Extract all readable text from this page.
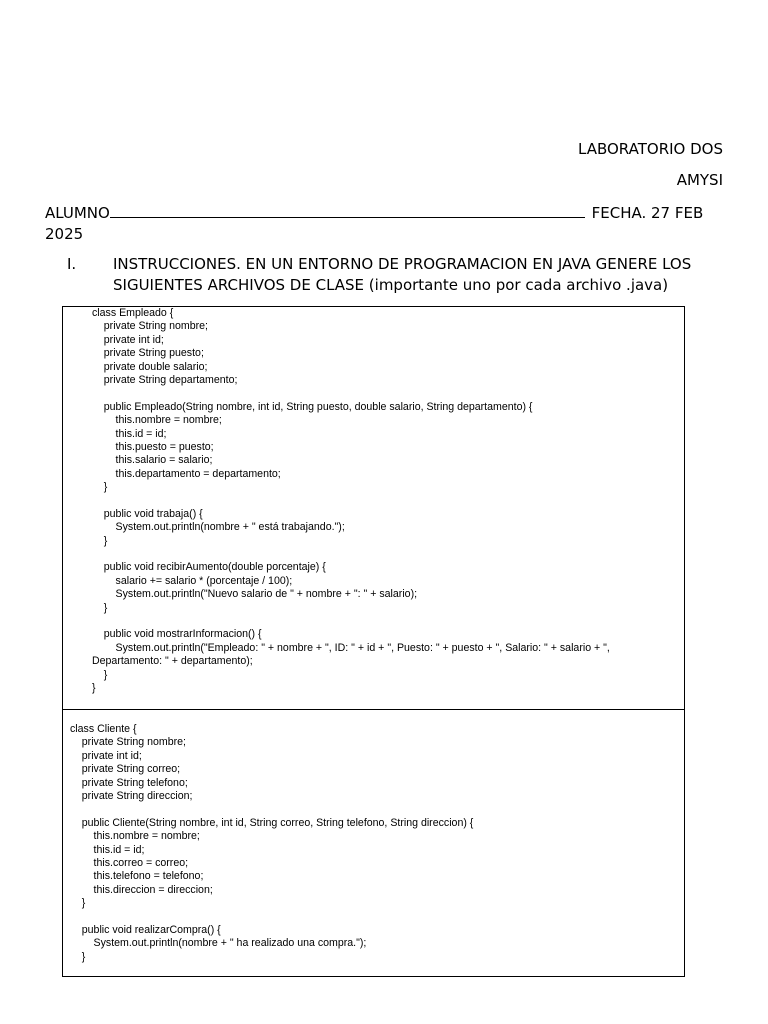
LABORATORIO DOS
AMYSI
ALUMNO	FECHA. 27 FEB 2025
I.	INSTRUCCIONES. EN UN ENTORNO DE PROGRAMACION EN JAVA GENERE LOS SIGUIENTES ARCHIVOS DE CLASE (importante uno por cada archivo .java)
class Empleado {
private String nombre;
private int id;
private String puesto;
private double salario;
private String departamento;
public Empleado(String nombre, int id, String puesto, double salario, String departamento) {
this.nombre = nombre;
this.id = id;
this.puesto = puesto;
this.salario = salario;
this.departamento = departamento;
}
public void trabaja() {
System.out.println(nombre + " está trabajando.");
}
public void recibirAumento(double porcentaje) {
salario += salario * (porcentaje / 100);
System.out.println("Nuevo salario de " + nombre + ": " + salario);
}
public void mostrarInformacion() {
System.out.println("Empleado: " + nombre + ", ID: " + id + ", Puesto: " + puesto + ", Salario: " + salario + ",
Departamento: " + departamento);
}
}
class Cliente {
private String nombre;
private int id;
private String correo;
private String telefono;
private String direccion;
public Cliente(String nombre, int id, String correo, String telefono, String direccion) {
this.nombre = nombre;
this.id = id;
this.correo = correo;
this.telefono = telefono;
this.direccion = direccion;
}
public void realizarCompra() {
System.out.println(nombre + " ha realizado una compra.");
}
